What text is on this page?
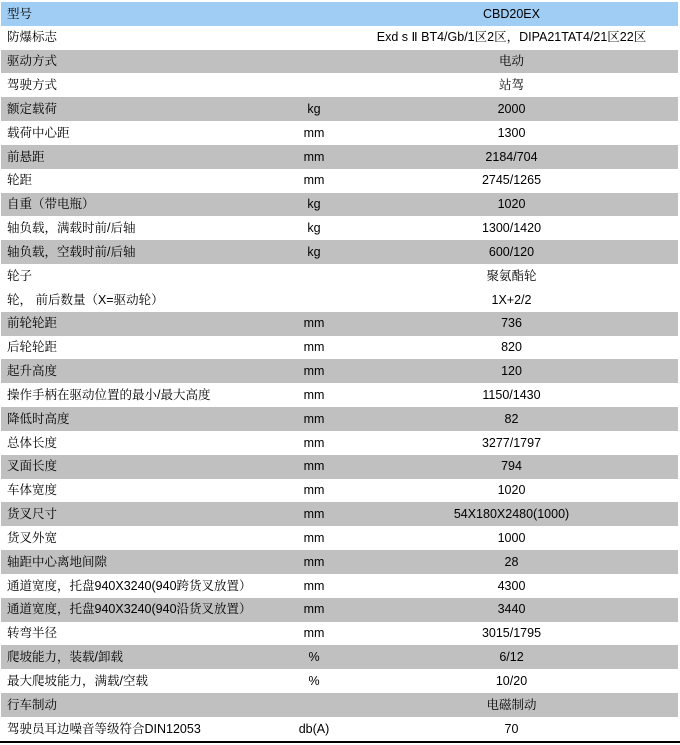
型号	CBD20EX
防爆标志	Exd s Ⅱ BT4/Gb/1区2区，DIPA21TAT4/21区22区
驱动方式	电动
驾驶方式	站驾
额定载荷	kg	2000
载荷中心距	mm	1300
前悬距	mm	2184/704
轮距	mm	2745/1265
自重（带电瓶）	kg	1020
轴负载，满载时前/后轴	kg	1300/1420
轴负载，空载时前/后轴	kg	600/120
轮子	聚氨酯轮
轮， 前后数量（X=驱动轮）	1X+2/2
前轮轮距	mm	736
后轮轮距	mm	820
起升高度	mm	120
操作手柄在驱动位置的最小/最大高度	mm	1150/1430
降低时高度	mm	82
总体长度	mm	3277/1797
叉面长度	mm	794
车体宽度	mm	1020
货叉尺寸	mm	54X180X2480(1000)
货叉外宽	mm	1000
轴距中心离地间隙	mm	28
通道宽度，托盘940X3240(940跨货叉放置）	mm	4300
通道宽度，托盘940X3240(940沿货叉放置）	mm	3440
转弯半径	mm	3015/1795
爬坡能力，装载/卸载	%	6/12
最大爬坡能力，满载/空载	%	10/20
行车制动	电磁制动
驾驶员耳边噪音等级符合DIN12053	db(A)	70
